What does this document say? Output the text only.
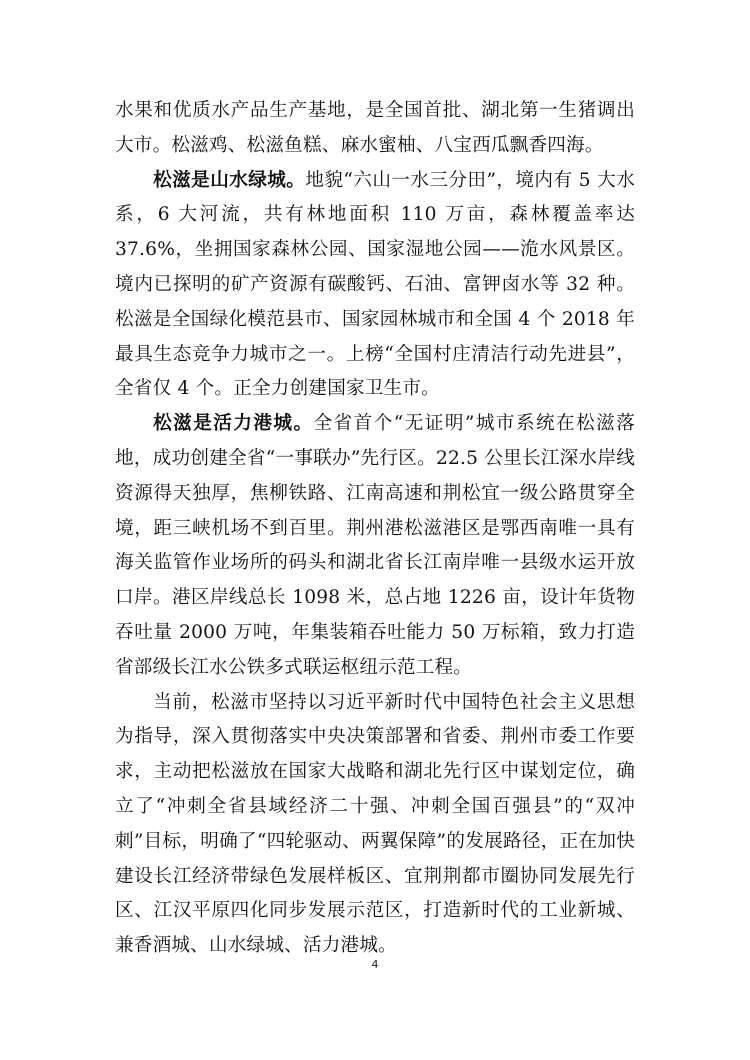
水果和优质水产品生产基地，是全国首批、湖北第一生猪调出大市。松滋鸡、松滋鱼糕、麻水蜜柚、八宝西瓜飘香四海。

松滋是山水绿城。地貌“六山一水三分田”，境内有 5 大水系，6 大河流，共有林地面积 110 万亩，森林覆盖率达 37.6%，坐拥国家森林公园、国家湿地公园——洈水风景区。境内已探明的矿产资源有碳酸钙、石油、富钾卤水等 32 种。松滋是全国绿化模范县市、国家园林城市和全国 4 个 2018 年最具生态竞争力城市之一。上榜“全国村庄清洁行动先进县”，全省仅 4 个。正全力创建国家卫生市。

松滋是活力港城。全省首个“无证明”城市系统在松滋落地，成功创建全省“一事联办”先行区。22.5 公里长江深水岸线资源得天独厚，焦柳铁路、江南高速和荆松宜一级公路贯穿全境，距三峡机场不到百里。荆州港松滋港区是鄂西南唯一具有海关监管作业场所的码头和湖北省长江南岸唯一县级水运开放口岸。港区岸线总长 1098 米，总占地 1226 亩，设计年货物吞吐量 2000 万吨，年集装箱吞吐能力 50 万标箱，致力打造省部级长江水公铁多式联运枢纽示范工程。

当前，松滋市坚持以习近平新时代中国特色社会主义思想为指导，深入贯彻落实中央决策部署和省委、荆州市委工作要求，主动把松滋放在国家大战略和湖北先行区中谋划定位，确立了“冲刺全省县域经济二十强、冲刺全国百强县”的“双冲刺”目标，明确了“四轮驱动、两翼保障”的发展路径，正在加快建设长江经济带绿色发展样板区、宜荆荆都市圈协同发展先行区、江汉平原四化同步发展示范区，打造新时代的工业新城、兼香酒城、山水绿城、活力港城。

4
